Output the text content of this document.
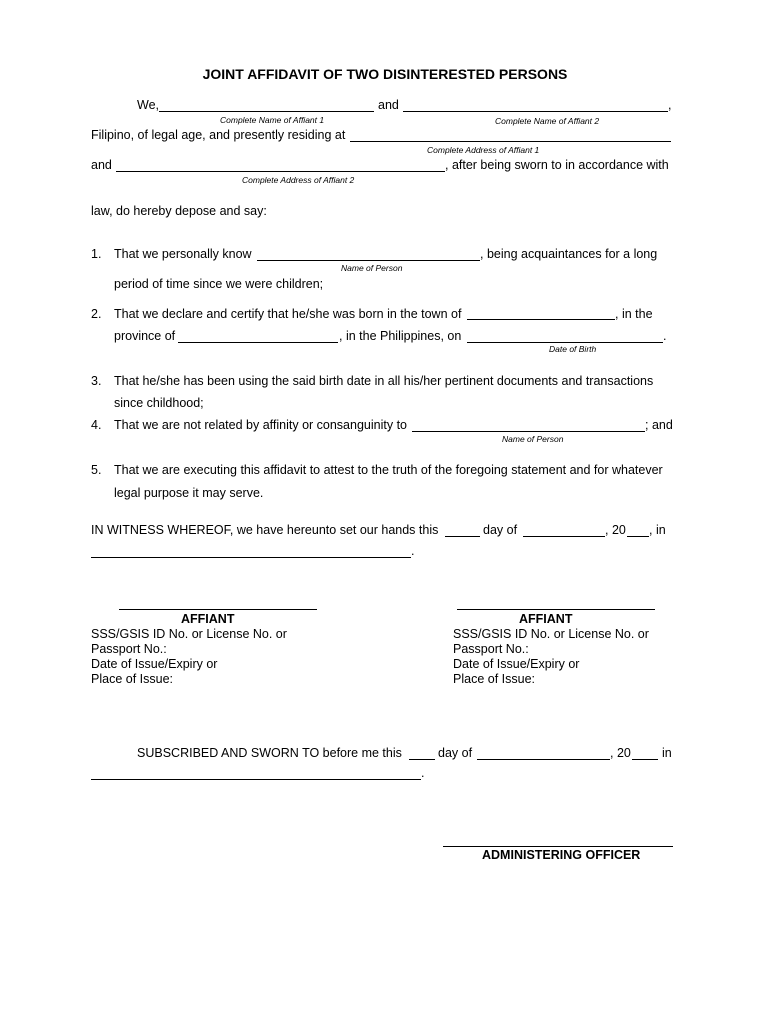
JOINT AFFIDAVIT OF TWO DISINTERESTED PERSONS
We,	and	,
Complete Name of Affiant 1	Complete Name of Affiant 2
Filipino, of legal age, and presently residing at
Complete Address of Affiant 1
and	, after being sworn to in accordance with
Complete Address of Affiant 2
law, do hereby depose and say:
1. That we personally know	, being acquaintances for a long
Name of Person
period of time since we were children;
2. That we declare and certify that he/she was born in the town of	, in the
province of	, in the Philippines, on	.
Date of Birth
3. That he/she has been using the said birth date in all his/her pertinent documents and transactions
since childhood;
4. That we are not related by affinity or consanguinity to	; and
Name of Person
5. That we are executing this affidavit to attest to the truth of the foregoing statement and for whatever
legal purpose it may serve.
IN WITNESS WHEREOF, we have hereunto set our hands this	day of	, 20 , in
.
AFFIANT
SSS/GSIS ID No. or License No. or
Passport No.:
Date of Issue/Expiry or
Place of Issue:
AFFIANT
SSS/GSIS ID No. or License No. or
Passport No.:
Date of Issue/Expiry or
Place of Issue:
SUBSCRIBED AND SWORN TO before me this	day of	, 20 in
.
ADMINISTERING OFFICER
